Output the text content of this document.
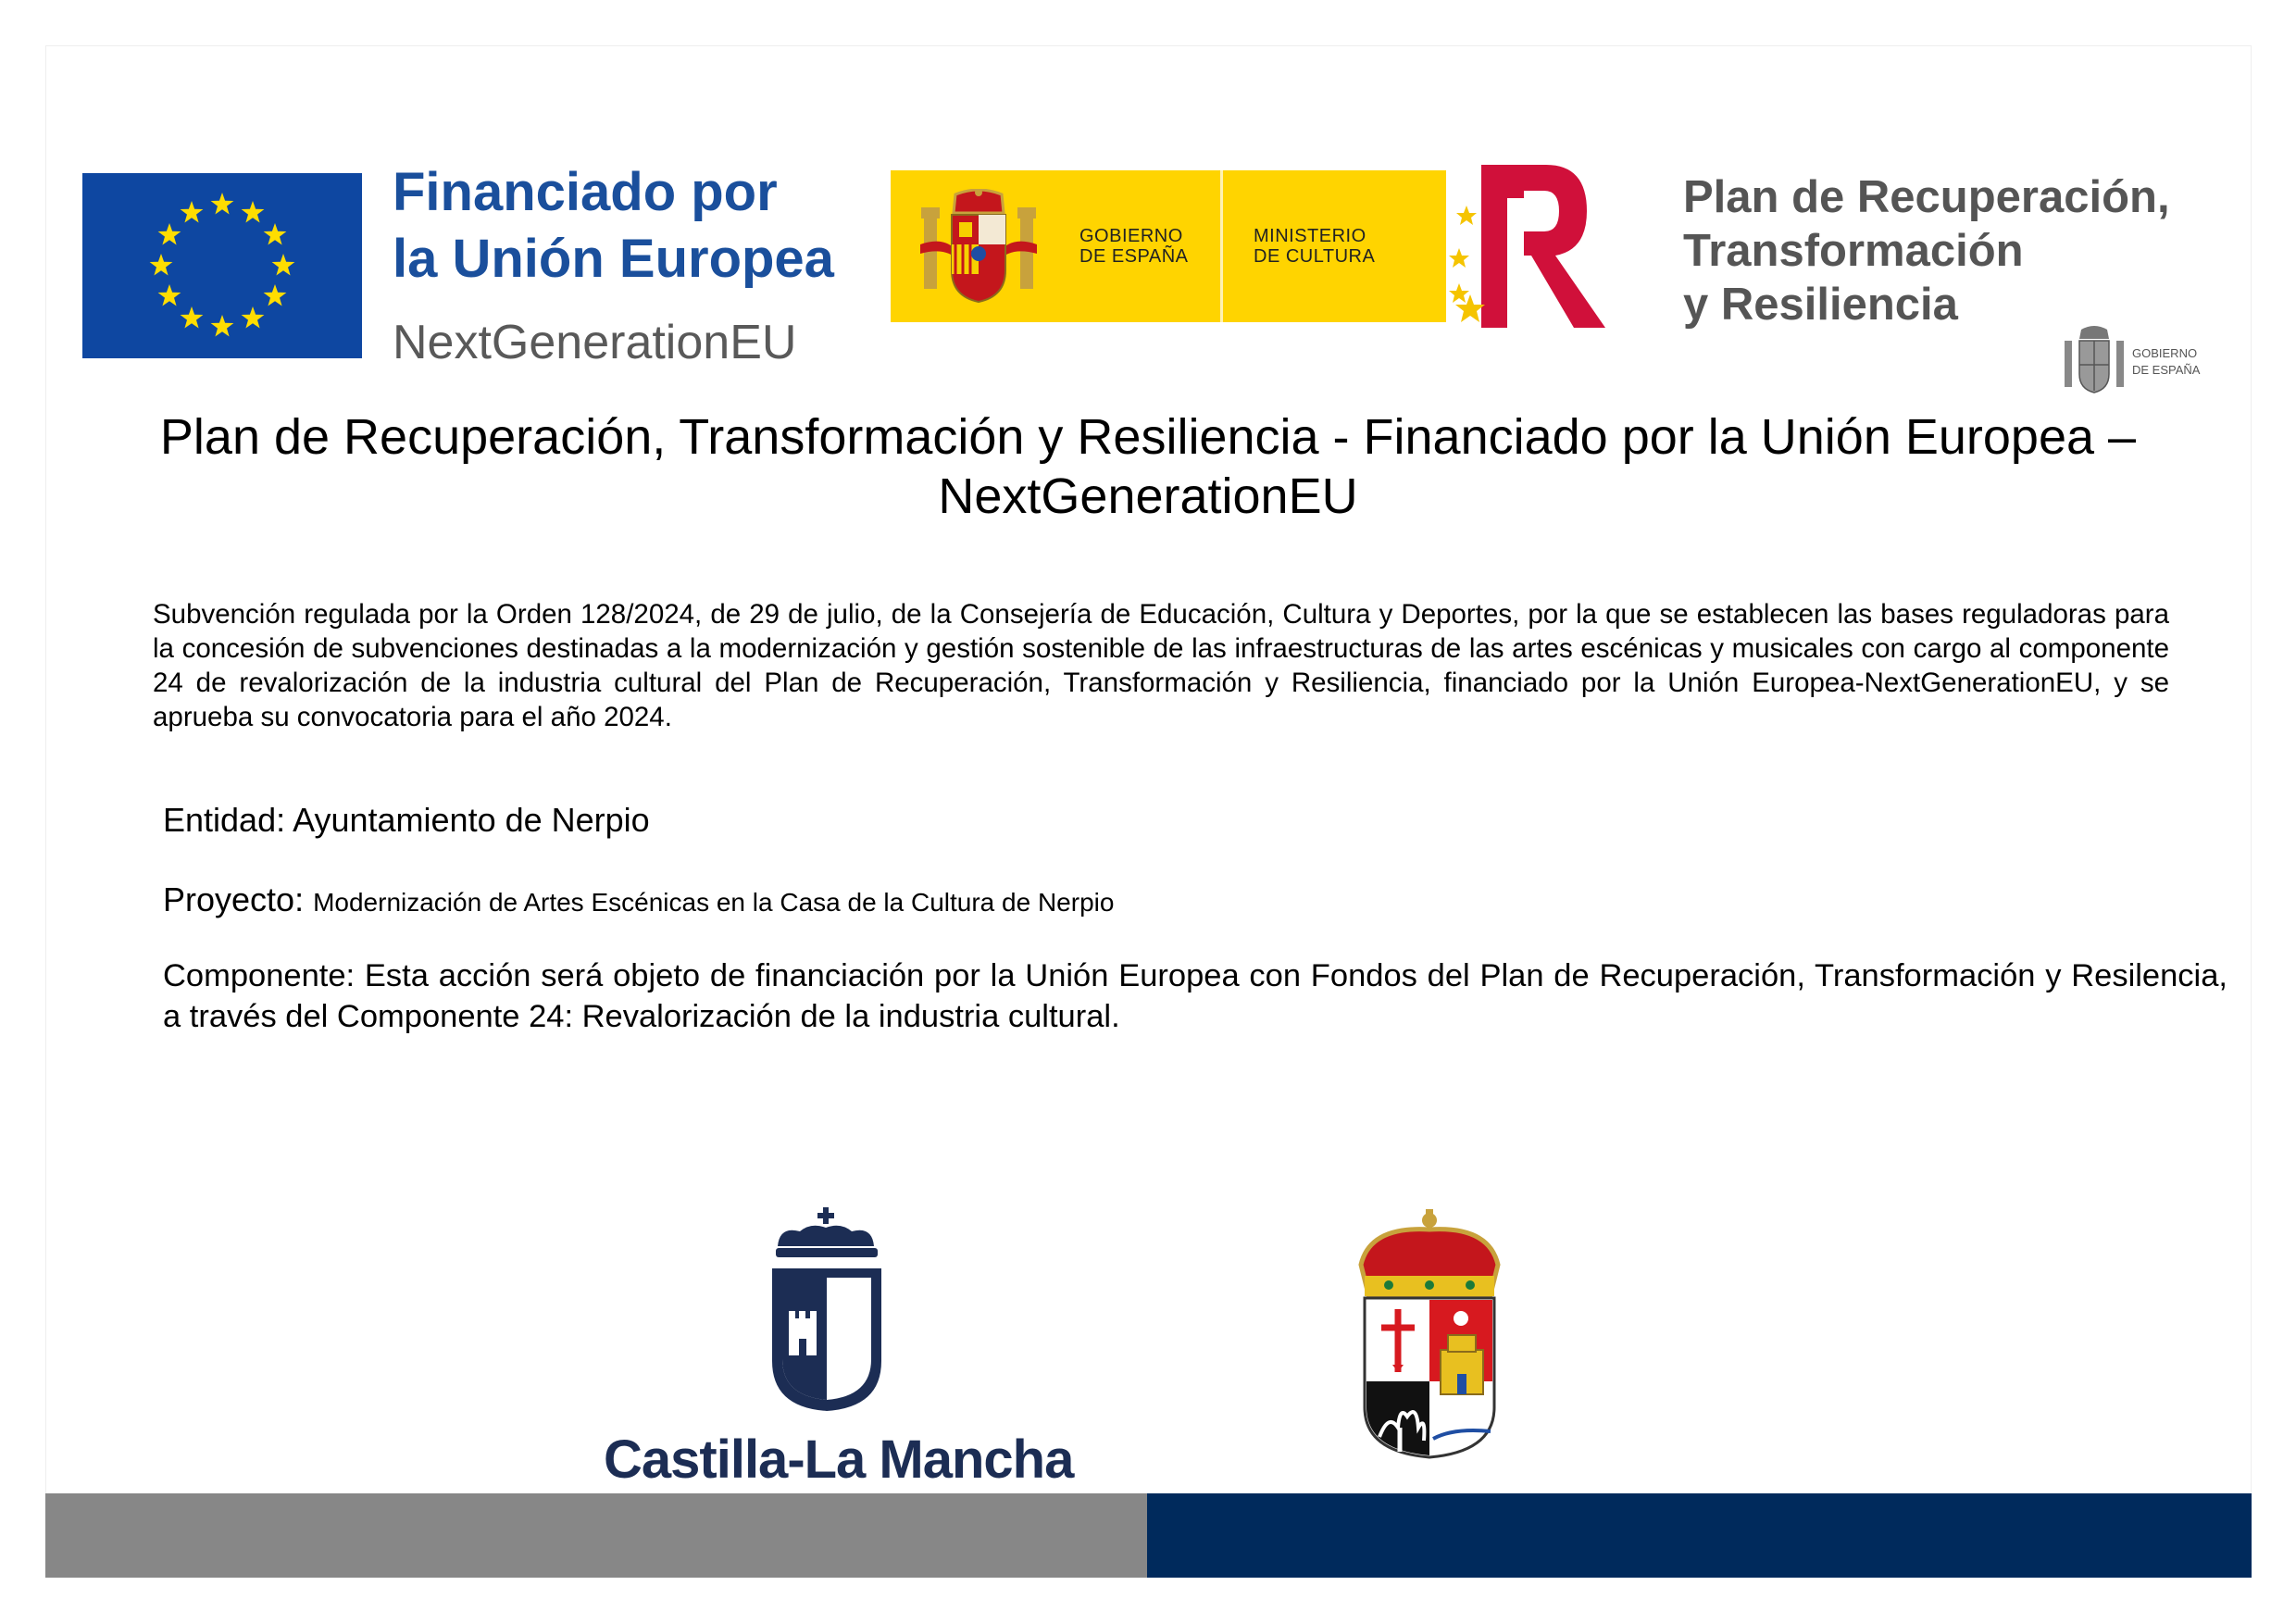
Financiado por
la Unión Europea
NextGenerationEU
GOBIERNO
DE ESPAÑA
MINISTERIO
DE CULTURA
Plan de Recuperación,
Transformación
y Resiliencia
GOBIERNO
DE ESPAÑA
Plan de Recuperación, Transformación y Resiliencia - Financiado por la Unión Europea – NextGenerationEU
Subvención regulada por la Orden 128/2024, de 29 de julio, de la Consejería de Educación, Cultura y Deportes, por la que se establecen las bases reguladoras para la concesión de subvenciones destinadas a la modernización y gestión sostenible de las infraestructuras de las artes escénicas y musicales con cargo al componente 24 de revalorización de la industria cultural del Plan de Recuperación, Transformación y Resiliencia, financiado por la Unión Europea-NextGenerationEU, y se aprueba su convocatoria para el año 2024.
Entidad: Ayuntamiento de Nerpio
Proyecto: Modernización de Artes Escénicas en la Casa de la Cultura de Nerpio
Componente: Esta acción será objeto de financiación por la Unión Europea con Fondos del Plan de Recuperación, Transformación y Resilencia, a través del Componente 24: Revalorización de la industria cultural.
Castilla-La Mancha
